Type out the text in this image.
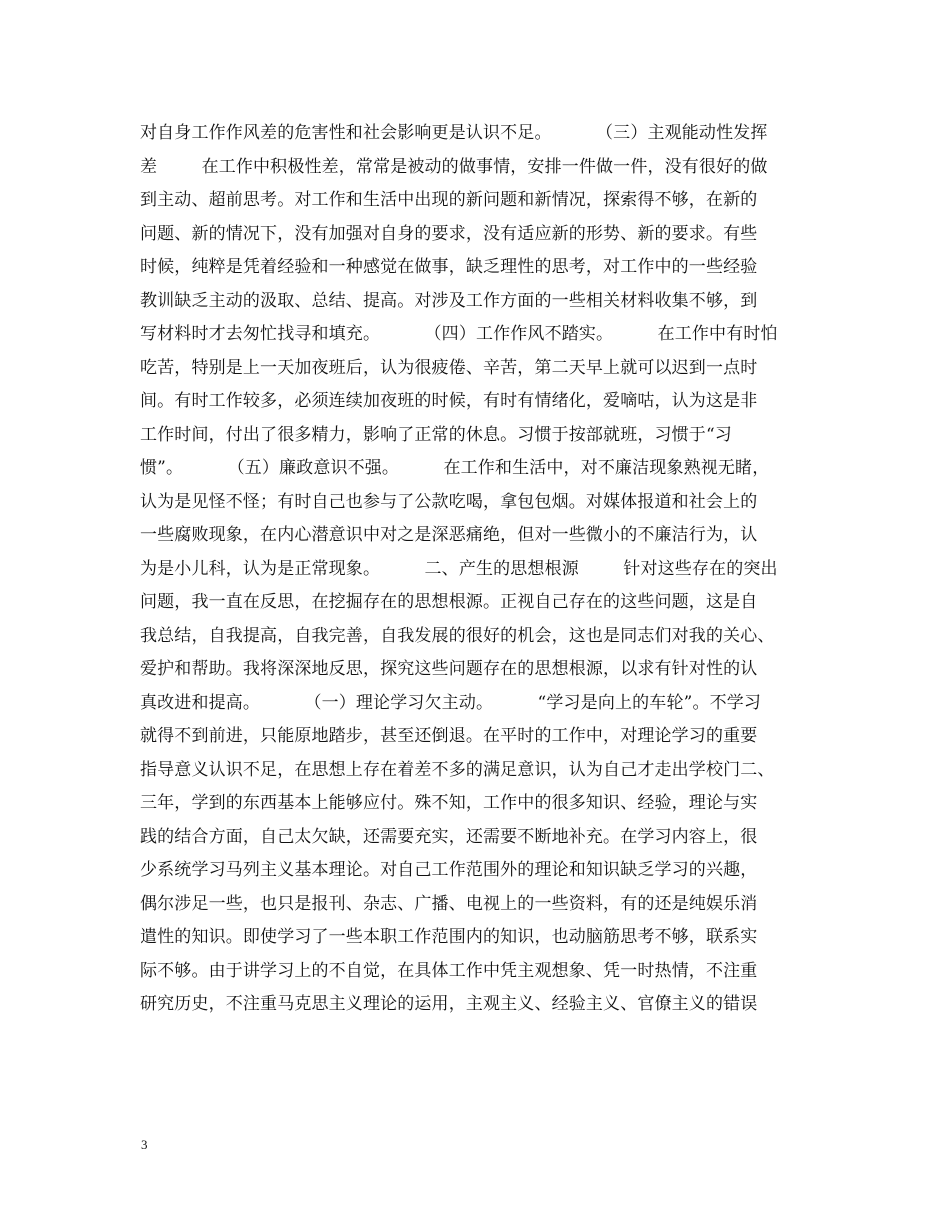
对自身工作作风差的危害性和社会影响更是认识不足。        （三）主观能动性发挥
差        在工作中积极性差，常常是被动的做事情，安排一件做一件，没有很好的做
到主动、超前思考。对工作和生活中出现的新问题和新情况，探索得不够，在新的
问题、新的情况下，没有加强对自身的要求，没有适应新的形势、新的要求。有些
时候，纯粹是凭着经验和一种感觉在做事，缺乏理性的思考，对工作中的一些经验
教训缺乏主动的汲取、总结、提高。对涉及工作方面的一些相关材料收集不够，到
写材料时才去匆忙找寻和填充。        （四）工作作风不踏实。        在工作中有时怕
吃苦，特别是上一天加夜班后，认为很疲倦、辛苦，第二天早上就可以迟到一点时
间。有时工作较多，必须连续加夜班的时候，有时有情绪化，爱嘀咕，认为这是非
工作时间，付出了很多精力，影响了正常的休息。习惯于按部就班，习惯于“习
惯”。        （五）廉政意识不强。        在工作和生活中，对不廉洁现象熟视无睹，
认为是见怪不怪；有时自己也参与了公款吃喝，拿包包烟。对媒体报道和社会上的
一些腐败现象，在内心潜意识中对之是深恶痛绝，但对一些微小的不廉洁行为，认
为是小儿科，认为是正常现象。        二、产生的思想根源        针对这些存在的突出
问题，我一直在反思，在挖掘存在的思想根源。正视自己存在的这些问题，这是自
我总结，自我提高，自我完善，自我发展的很好的机会，这也是同志们对我的关心、
爱护和帮助。我将深深地反思，探究这些问题存在的思想根源，以求有针对性的认
真改进和提高。        （一）理论学习欠主动。        “学习是向上的车轮”。不学习
就得不到前进，只能原地踏步，甚至还倒退。在平时的工作中，对理论学习的重要
指导意义认识不足，在思想上存在着差不多的满足意识，认为自己才走出学校门二、
三年，学到的东西基本上能够应付。殊不知，工作中的很多知识、经验，理论与实
践的结合方面，自己太欠缺，还需要充实，还需要不断地补充。在学习内容上，很
少系统学习马列主义基本理论。对自己工作范围外的理论和知识缺乏学习的兴趣，
偶尔涉足一些，也只是报刊、杂志、广播、电视上的一些资料，有的还是纯娱乐消
遣性的知识。即使学习了一些本职工作范围内的知识，也动脑筋思考不够，联系实
际不够。由于讲学习上的不自觉，在具体工作中凭主观想象、凭一时热情，不注重
研究历史，不注重马克思主义理论的运用，主观主义、经验主义、官僚主义的错误
3
